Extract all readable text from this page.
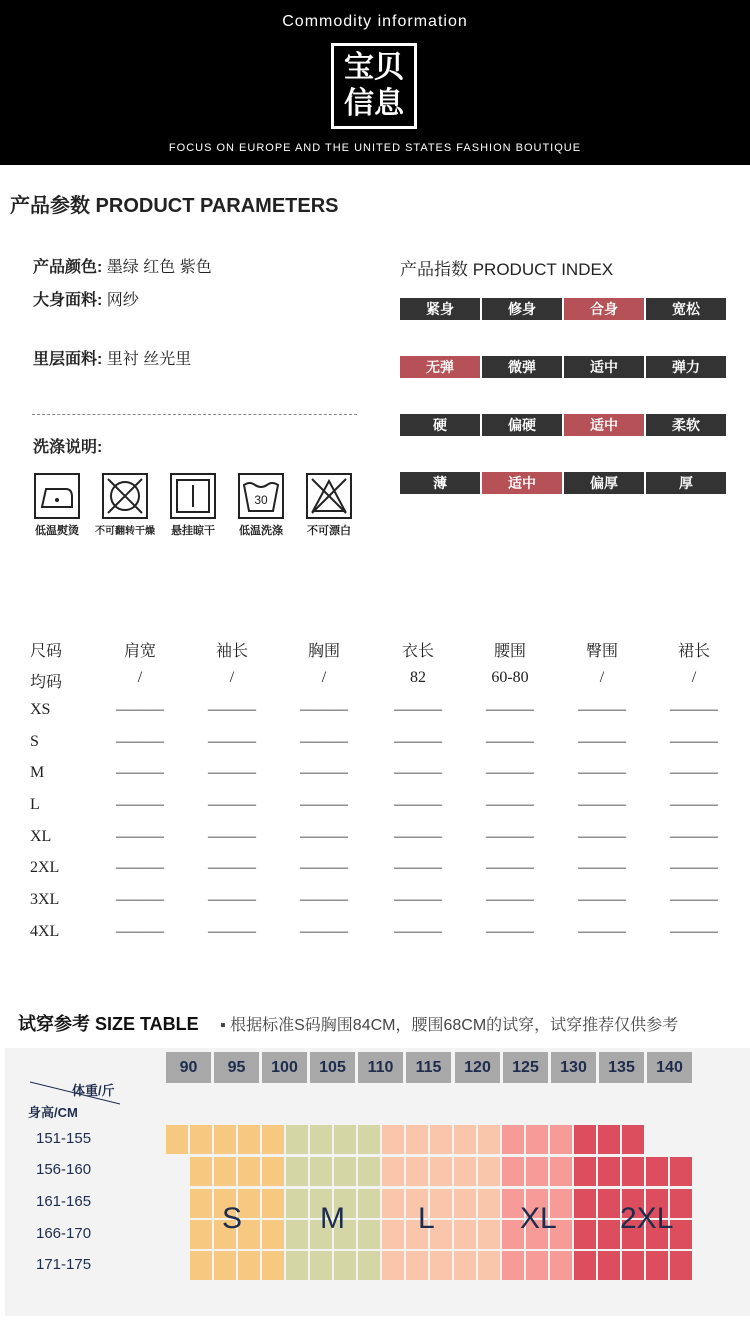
Commodity information
宝贝
信息
FOCUS ON EUROPE AND THE UNITED STATES FASHION BOUTIQUE
产品参数 PRODUCT PARAMETERS
产品颜色: 墨绿 红色 紫色
大身面料: 网纱
里层面料: 里衬 丝光里
洗涤说明:
30
低温熨烫	不可翻转干燥	悬挂晾干	低温洗涤	不可漂白
产品指数 PRODUCT INDEX
紧身	修身	合身	宽松
无弹	微弹	适中	弹力
硬	偏硬	适中	柔软
薄	适中	偏厚	厚
尺码	肩宽	袖长	胸围	衣长	腰围	臀围	裙长
均码	/	/	/	82	60-80	/	/
XS	———	———	———	———	———	———	———
S	———	———	———	———	———	———	———
M	———	———	———	———	———	———	———
L	———	———	———	———	———	———	———
XL	———	———	———	———	———	———	———
2XL	———	———	———	———	———	———	———
3XL	———	———	———	———	———	———	———
4XL	———	———	———	———	———	———	———
试穿参考 SIZE TABLE ▪ 根据标准S码胸围84CM，腰围68CM的试穿，试穿推荐仅供参考
体重/斤
身高/CM
90	95	100	105	110	115	120	125	130	135	140
151-155
156-160
161-165
166-170
171-175
S	M L	XL 2XL
